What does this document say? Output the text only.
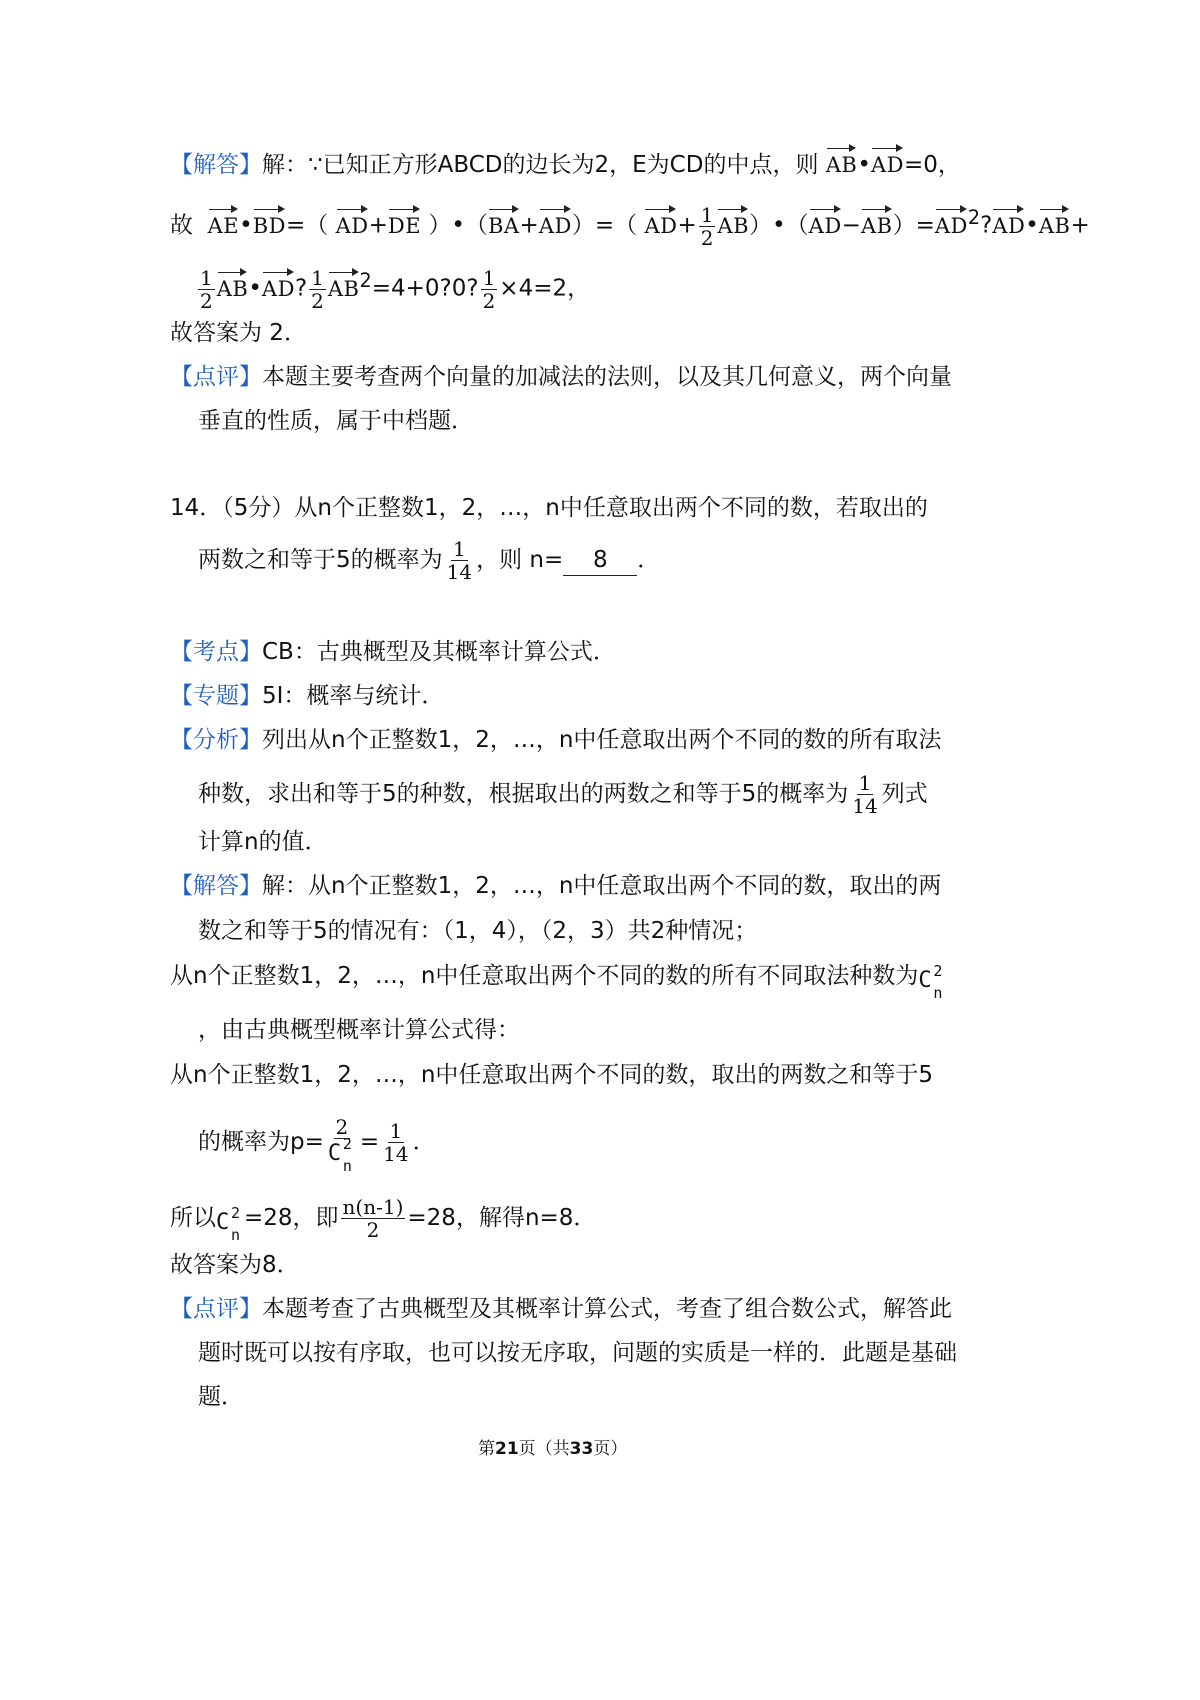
【解答】解：∵已知正方形ABCD的边长为2，E为CD的中点，则 AB•AD=0，
故 AE•BD=（ AD+DE ）•（BA+AD）=（ $AD+ \frac{1}{2}$ $AB)•(AD-AB)=AD^2?AD•AB+$
$\frac{1}{2}$ AB•AD? $\frac{1}{2}$ $AB^2=4+0?0$? $\frac{1}{2} \times 4=2$，
故答案为 2．
【点评】本题主要考查两个向量的加减法的法则，以及其几何意义，两个向量
垂直的性质，属于中档题．
14．（5分）从n个正整数1，2，…，n中任意取出两个不同的数，若取出的
两数之和等于5的概率为 $\frac{1}{14}$ ，则 n= 8 ．
【考点】CB：古典概型及其概率计算公式．
【专题】5I：概率与统计．
【分析】列出从n个正整数1，2，…，n中任意取出两个不同的数的所有取法
种数，求出和等于5的种数，根据取出的两数之和等于5的概率为 $\frac{1}{14}$ 列式
计算n的值．
【解答】解：从n个正整数1，2，…，n中任意取出两个不同的数，取出的两
数之和等于5的情况有：（1，4），（2，3）共2种情况；
从n个正整数1，2，…，n中任意取出两个不同的数的所有不同取法种数为 C 2
n
，由古典概型概率计算公式得：
从n个正整数1，2，…，n中任意取出两个不同的数，取出的两数之和等于5
的概率为p= 2
C 2
$n = \frac{1}{14}$ ．
所以 C 2
n
=28，即 $\frac{n(n-1)}{2} =28$，解得n=8．
故答案为8．
【点评】本题考查了古典概型及其概率计算公式，考查了组合数公式，解答此
题时既可以按有序取，也可以按无序取，问题的实质是一样的．此题是基础
题．
第21页（共33页）
